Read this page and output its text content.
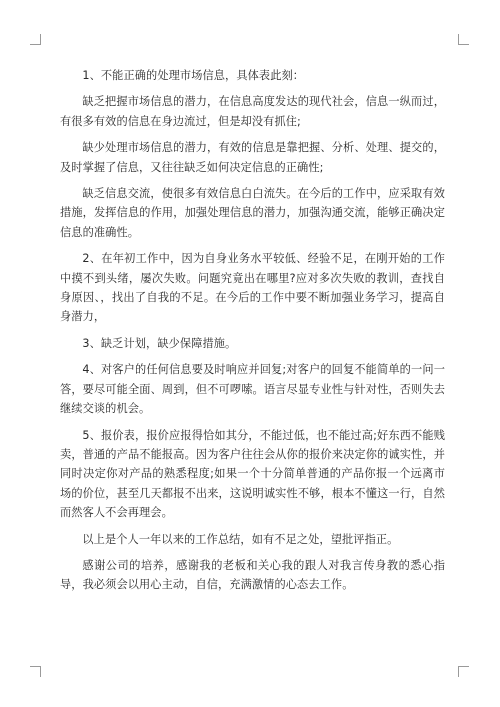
1、不能正确的处理市场信息，具体表此刻：

缺乏把握市场信息的潜力，在信息高度发达的现代社会，信息一纵而过，有很多有效的信息在身边流过，但是却没有抓住;

缺少处理市场信息的潜力，有效的信息是靠把握、分析、处理、提交的，及时掌握了信息，又往往缺乏如何决定信息的正确性;

缺乏信息交流，使很多有效信息白白流失。在今后的工作中，应采取有效措施，发挥信息的作用，加强处理信息的潜力，加强沟通交流，能够正确决定信息的准确性。

2、在年初工作中，因为自身业务水平较低、经验不足，在刚开始的工作中摸不到头绪，屡次失败。问题究竟出在哪里?应对多次失败的教训，查找自身原因、，找出了自我的不足。在今后的工作中要不断加强业务学习，提高自身潜力，

3、缺乏计划，缺少保障措施。

4、对客户的任何信息要及时响应并回复;对客户的回复不能简单的一问一答，要尽可能全面、周到，但不可啰嗦。语言尽显专业性与针对性，否则失去继续交谈的机会。

5、报价表，报价应报得恰如其分，不能过低，也不能过高;好东西不能贱卖，普通的产品不能报高。因为客户往往会从你的报价来决定你的诚实性，并同时决定你对产品的熟悉程度;如果一个十分简单普通的产品你报一个远离市场的价位，甚至几天都报不出来，这说明诚实性不够，根本不懂这一行，自然而然客人不会再理会。

以上是个人一年以来的工作总结，如有不足之处，望批评指正。

感谢公司的培养，感谢我的老板和关心我的跟人对我言传身教的悉心指导，我必须会以用心主动，自信，充满激情的心态去工作。
